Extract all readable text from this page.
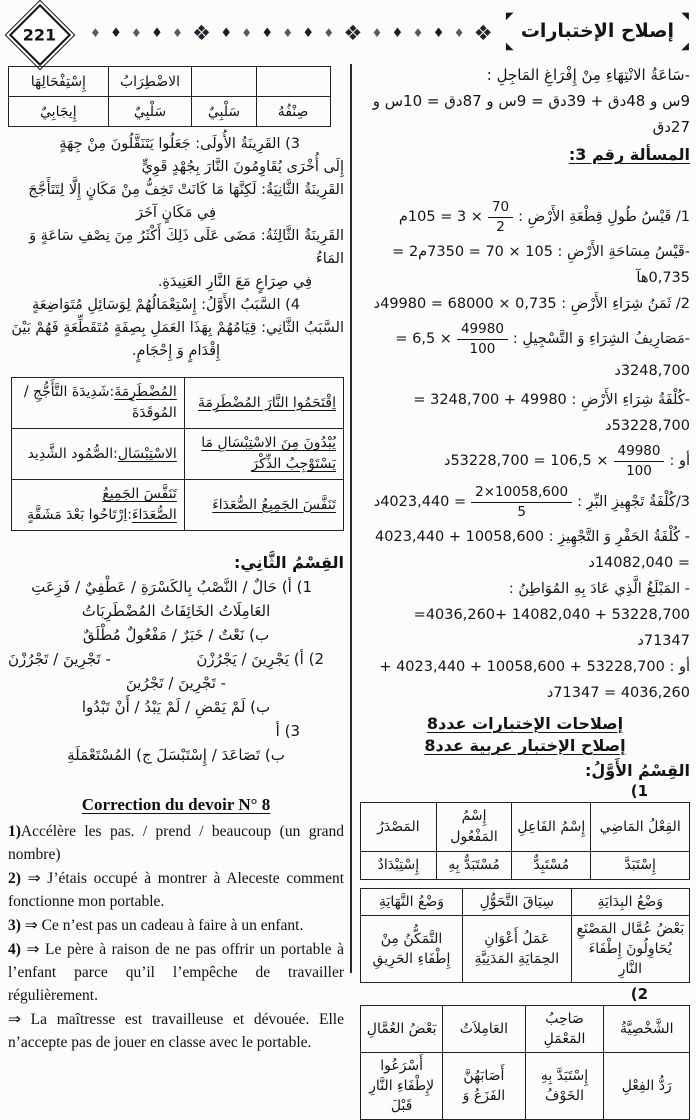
221	♦ ♦ ♦ ♦ ♦ ❖ ♦ ♦ ♦ ♦ ♦ ♦ ❖ ♦ ♦ ♦ ♦ ♦ ❖
◤
◣
◥
◢
إصلاح الإختبارات
		الاضْطِرَابُ	إِسْتِفْحَالِهَا
صِنْفُهُ	سَلْبِيٌ	سَلْبِيٌ	إِيجَابِيٌ
3) القَرِينَةُ الأُولَى: جَعَلُوا يَتَنَقَّلُونَ مِنْ جِهَةٍ
إِلَى أُخْرَى يُقَاوِمُونَ النَّارَ بِجُهْدٍ قَوِيٍّ
القَرِينَةُ الثَّانِيَةُ: لَكِنَّهَا مَا كَانَتْ تَخِفُّ مِنْ مَكَانٍ إِلَّا لِتَتَأَجَّجَ
فِي مَكَانٍ آخَرَ
القَرِينَةُ الثَّالِثَةُ: مَضَى عَلَى ذَلِكَ أَكْثَرُ مِنَ نِصْفِ سَاعَةٍ وَ المَاءُ
فِي صِرَاعٍ مَعَ النَّارِ العَنِيدَةِ.
4) السَّبَبُ الأَوَّلُ: إِسْتِعْمَالُهُمْ لِوَسَائِلِ مُتَوَاضِعَةٍ
السَّبَبُ الثَّانِي: قِيَامُهُمْ بِهَذَا العَمَلِ بِصِفَةٍ مُتَقَطِّعَةٍ فَهُمْ بَيْنَ
إِقْدَامٍ وَ إِحْجَامٍ.
اِقْتَحَمُوا النَّارَ المُضْطَرِمَةَ	المُضْطَرِمَةَ:شَدِيدَةَ التَّأَجُّجِ / المُوقَدَةَ
يُبْدُونَ مِنَ الاسْتِبْسَالِ مَا يَسْتَوْجِبُ الذِّكْرَ	الاسْتِبْسَال:الصُّمُود الشَّدِيد
تَنَفَّسَ الجَمِيعُ الصُّعَدَاءَ	تَنَفَّسَ الجَمِيعُ الصُّعَدَاءَ:اِرْتَاحُوا بَعْدَ مَشَقَّةٍ
القِسْمُ الثَّانِي:
1) أ) حَالٌ / النَّصْبُ بِالكَسْرَةِ / عَطْفِيٌ / فَزِعَتِ
العَامِلَاتُ الخَائِفَاتُ المُضْطَرِبَاتُ
ب) نَعْتٌ / خَبَرٌ / مَفْعُولٌ مُطْلَقٌ
2) أ) يَجْرِينَ / يَجْرُزْنَ
- تَجْرِينَ / تَجْرُزْنَ
- تَجْرِينَ / تَجْرُينَ
ب) لَمْ يَمْضِ / لَمْ يَبْدُ / أَنْ تَبْدُوا
3) أ
ب) تَصَاعَدَ / إِسْتَبْسَلَ ج) المُسْتَعْمَلَةِ
Correction du devoir N° 8

1)Accélère les pas. / prend / beaucoup (un grand nombre)

2) ⇒ J’étais occupé à montrer à Aleceste comment fonctionne mon portable.

3) ⇒ Ce n’est pas un cadeau à faire à un enfant.

4) ⇒ Le père à raison de ne pas offrir un portable à l’enfant parce qu’il l’empêche de travailler régulièrement.

⇒ La maîtresse est travailleuse et dévouée. Elle n’accepte pas de jouer en classe avec le portable.

-سَاعَةُ الانْتِهَاءِ مِنْ إِفْرَاغِ المَاجِلِ :
9س و 48دق + 39دق = 9س و 87دق = 10س و 27دق
المسألة رقم 3:
1/ قَيْسُ طُولِ قِطْعَةِ الأَرْضِ :
$\frac{70}{2}$
× 3 = 105م
-قَيْسُ مِسَاحَةِ الأَرْضِ : 105 × 70 = 7350م2 = 0,735هآ
2/ ثَمَنُ شِرَاءِ الأَرْضِ : 0,735 × 68000 = 49980د
-مَصَارِيفُ الشِرَاءِ وَ التَّسْجِيلِ :
$\frac{49980}{100}$
× 6,5 = 3248,700د
-كُلْفَةُ شِرَاءِ الأَرْضِ : 49980 + 3248,700 =
53228,700د
أو :
$\frac{49980}{100}$
× 106,5 = 53228,700د
3/كُلْفَةُ تَجْهِيزِ البِّرِ :
$\frac{2\times 10058,600}{5}$
= 4023,440د
- كُلْفَةُ الحَفْرِ وَ التَّجْهِيزِ : 10058,600 + 4023,440
= 14082,040د
- المَبْلَغُ الَّذِي عَادَ بِهِ المُوَاطِنُ :
53228,700 + 14082,040 +4036,260= 71347د
أو : 53228,700 + 10058,600 + 4023,440 +
4036,260 = 71347د
إصلاحات الإختبارات عدد8
إصلاح الإختبار عربية عدد8
القِسْمُ الأَوَّلُ:
1)
الفِعْلُ المَاضِي	إِسْمُ الفَاعِلِ	إِسْمُ المَفْعُول	المَصْدَرُ
إِسْتَبَدَّ	مُسْتَبِدٌّ	مُسْتَبَدٌّ بِهِ	إِسْتِبْدَادٌ
وَضْعُ البِدَايَةِ	سِيَاقَ التَّحَوُّلِ	وَضْعُ النَّهَايَةِ
بَعْضُ عُمَّال المَصْنَعِ يُحَاوِلُونَ إِطْفَاءَ النَّارِ	عَمَلُ أَعْوَانِ الحِمَايَةِ المَدَنِيَّةِ	التَّمَكُّنُ مِنْ إِطْفَاءِ الحَرِيقِ
2)
الشَّخْصِيَّةُ	صَاحِبُ المَعْمَلِ	العَامِلاَتُ	بَعْضُ العُمَّالِ
رَدُّ الفِعْلِ	إِسْتَبَدَّ بِهِ الخَوْفُ	أَصَابَهُنَّ الفَزَعُ وَ	أَسْرَعُوا لإِطْفَاءِ النَّارِ قَبْلَ
